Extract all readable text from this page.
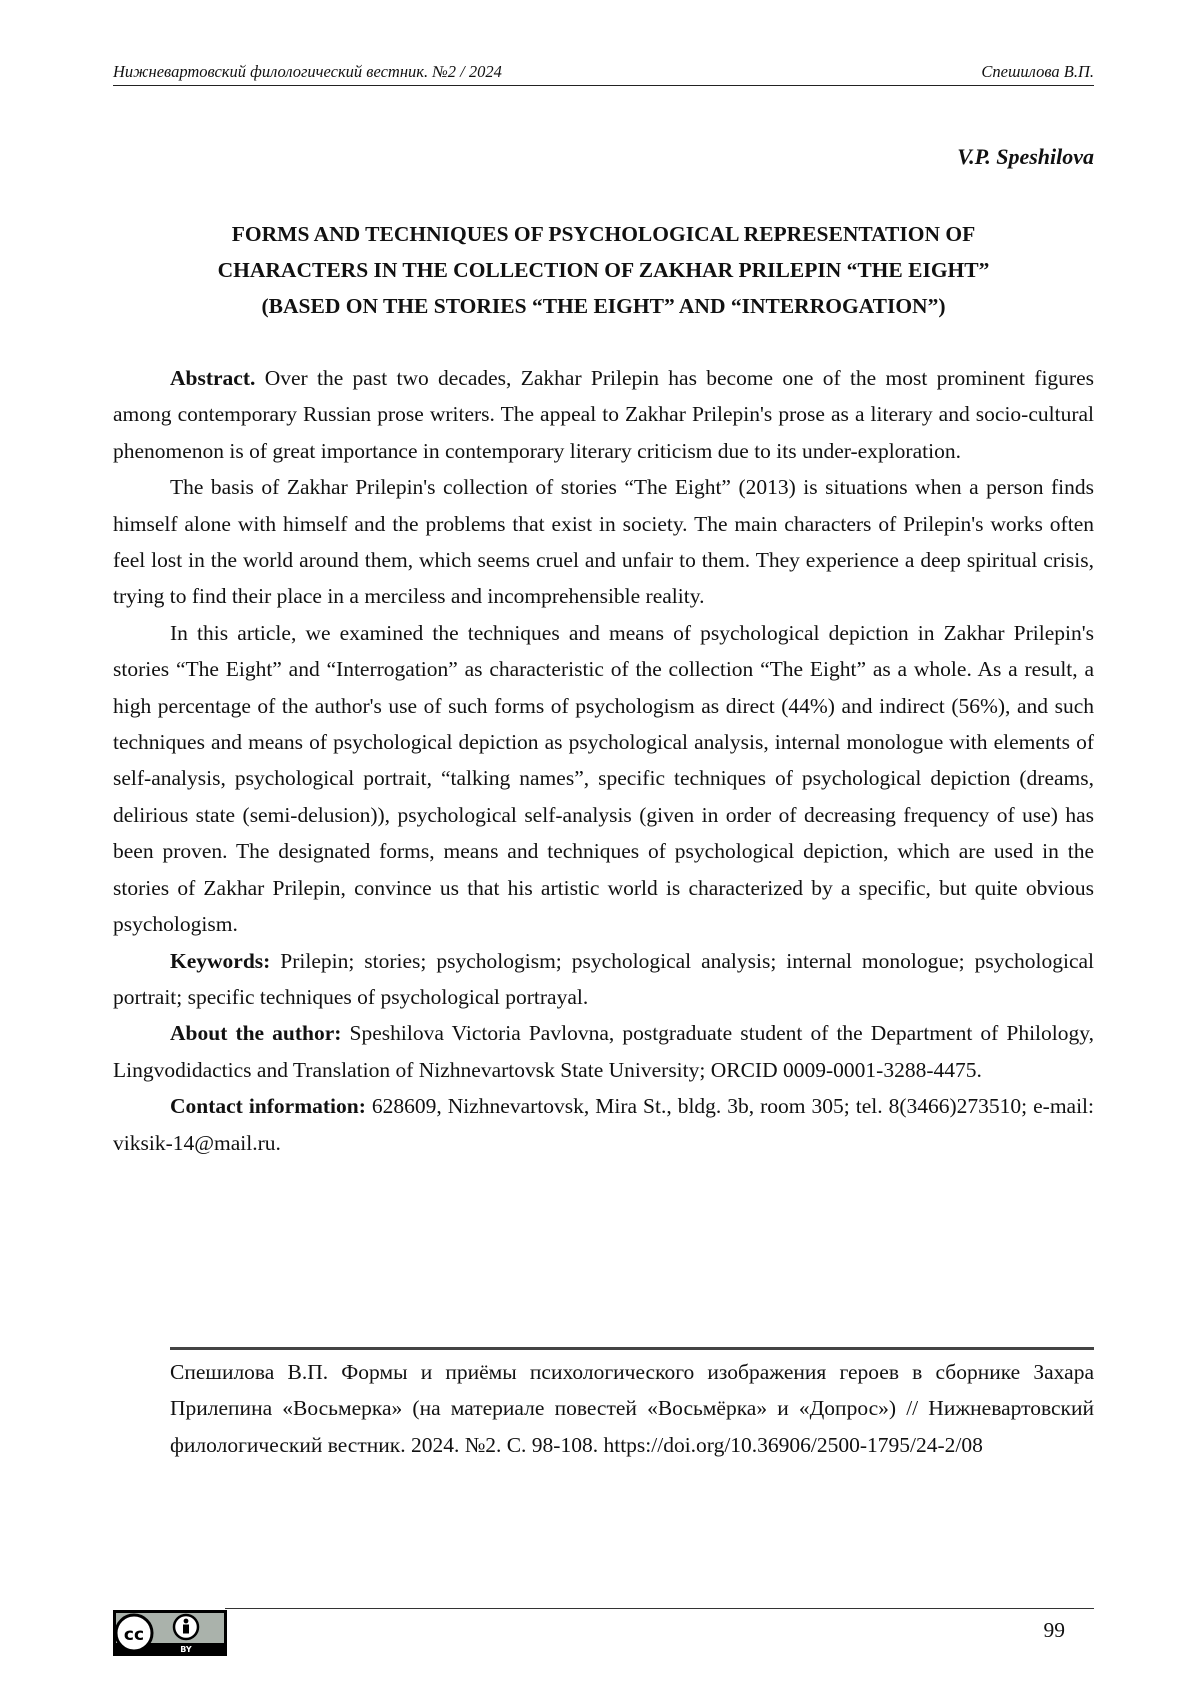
Нижневартовский филологический вестник. №2 / 2024	Спешилова В.П.
V.P. Speshilova
FORMS AND TECHNIQUES OF PSYCHOLOGICAL REPRESENTATION OF
CHARACTERS IN THE COLLECTION OF ZAKHAR PRILEPIN “THE EIGHT”
(BASED ON THE STORIES “THE EIGHT” AND “INTERROGATION”)

Abstract. Over the past two decades, Zakhar Prilepin has become one of the most prominent figures among contemporary Russian prose writers. The appeal to Zakhar Prilepin's prose as a literary and socio-cultural phenomenon is of great importance in contemporary literary criticism due to its under-exploration.

The basis of Zakhar Prilepin's collection of stories “The Eight” (2013) is situations when a person finds himself alone with himself and the problems that exist in society. The main characters of Prilepin's works often feel lost in the world around them, which seems cruel and unfair to them. They experience a deep spiritual crisis, trying to find their place in a merciless and incomprehensible reality.

In this article, we examined the techniques and means of psychological depiction in Zakhar Prilepin's stories “The Eight” and “Interrogation” as characteristic of the collection “The Eight” as a whole. As a result, a high percentage of the author's use of such forms of psychologism as direct (44%) and indirect (56%), and such techniques and means of psychological depiction as psychological analysis, internal monologue with elements of self-analysis, psychological portrait, “talking names”, specific techniques of psychological depiction (dreams, delirious state (semi-delusion)), psychological self-analysis (given in order of decreasing frequency of use) has been proven. The designated forms, means and techniques of psychological depiction, which are used in the stories of Zakhar Prilepin, convince us that his artistic world is characterized by a specific, but quite obvious psychologism.

Keywords: Prilepin; stories; psychologism; psychological analysis; internal monologue; psychological portrait; specific techniques of psychological portrayal.

About the author: Speshilova Victoria Pavlovna, postgraduate student of the Department of Philology, Lingvodidactics and Translation of Nizhnevartovsk State University; ORCID 0009-0001-3288-4475.

Contact information: 628609, Nizhnevartovsk, Mira St., bldg. 3b, room 305; tel. 8(3466)273510; e-mail: viksik-14@mail.ru.

Спешилова В.П. Формы и приёмы психологического изображения героев в сборнике Захара Прилепина «Восьмерка» (на материале повестей «Восьмёрка» и «Допрос») // Нижневартовский филологический вестник. 2024. №2. С. 98-108. https://doi.org/10.36906/2500-1795/24-2/08
cc
BY
99
